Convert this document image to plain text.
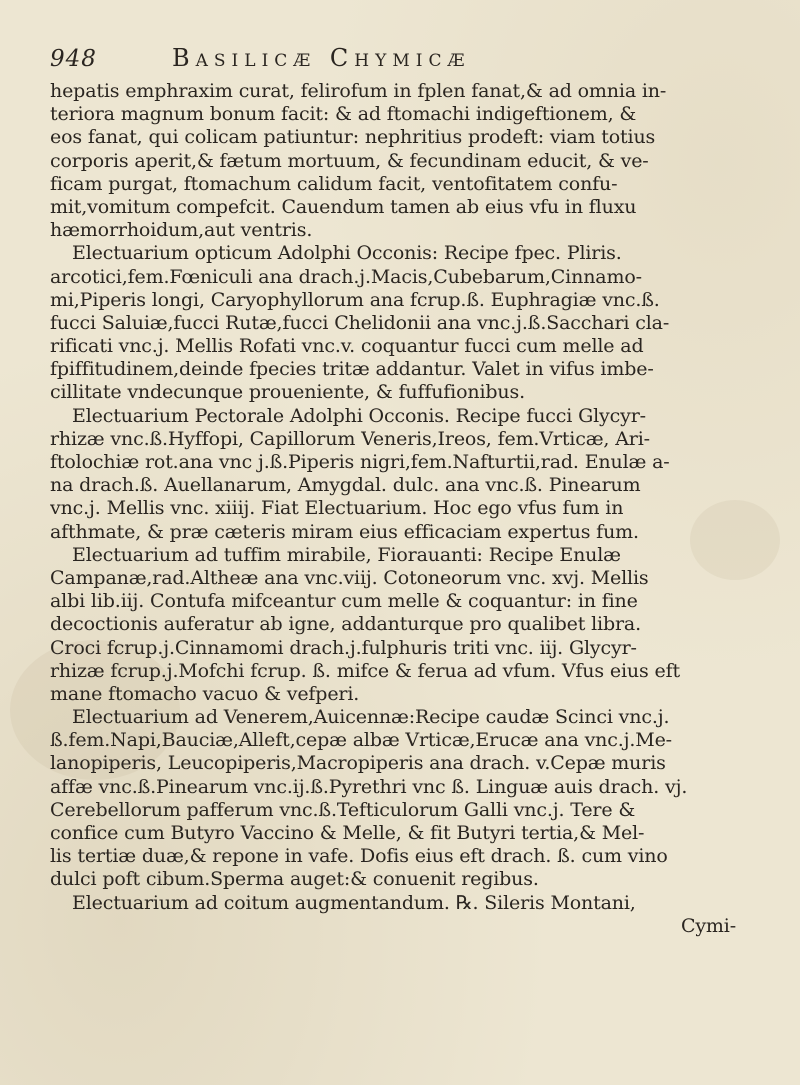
948	Basilicæ Chymicæ
hepatis emphraxim curat, felirofum in fplen fanat,& ad omnia in-
teriora magnum bonum facit: & ad ftomachi indigeftionem, &
eos fanat, qui colicam patiuntur: nephritius prodeft: viam totius
corporis aperit,& fætum mortuum, & fecundinam educit, & ve-
ficam purgat, ftomachum calidum facit, ventofitatem confu-
mit,vomitum compefcit. Cauendum tamen ab eius vfu in fluxu
hæmorrhoidum,aut ventris.
Electuarium opticum Adolphi Occonis: Recipe fpec. Pliris.
arcotici,fem.Fœniculi ana drach.j.Macis,Cubebarum,Cinnamo-
mi,Piperis longi, Caryophyllorum ana fcrup.ß. Euphragiæ vnc.ß.
fucci Saluiæ,fucci Rutæ,fucci Chelidonii ana vnc.j.ß.Sacchari cla-
rificati vnc.j. Mellis Rofati vnc.v. coquantur fucci cum melle ad
fpiffitudinem,deinde fpecies tritæ addantur. Valet in vifus imbe-
cillitate vndecunque proueniente, & fuffufionibus.
Electuarium Pectorale Adolphi Occonis. Recipe fucci Glycyr-
rhizæ vnc.ß.Hyffopi, Capillorum Veneris,Ireos, fem.Vrticæ, Ari-
ftolochiæ rot.ana vnc j.ß.Piperis nigri,fem.Nafturtii,rad. Enulæ a-
na drach.ß. Auellanarum, Amygdal. dulc. ana vnc.ß. Pinearum
vnc.j. Mellis vnc. xiiij. Fiat Electuarium. Hoc ego vfus fum in
afthmate, & præ cæteris miram eius efficaciam expertus fum.
Electuarium ad tuffim mirabile, Fiorauanti: Recipe Enulæ
Campanæ,rad.Altheæ ana vnc.viij. Cotoneorum vnc. xvj. Mellis
albi lib.iij. Contufa mifceantur cum melle & coquantur: in fine
decoctionis auferatur ab igne, addanturque pro qualibet libra.
Croci fcrup.j.Cinnamomi drach.j.fulphuris triti vnc. iij. Glycyr-
rhizæ fcrup.j.Mofchi fcrup. ß. mifce & ferua ad vfum. Vfus eius eft
mane ftomacho vacuo & vefperi.
Electuarium ad Venerem,Auicennæ:Recipe caudæ Scinci vnc.j.
ß.fem.Napi,Bauciæ,Alleft,cepæ albæ Vrticæ,Erucæ ana vnc.j.Me-
lanopiperis, Leucopiperis,Macropiperis ana drach. v.Cepæ muris
affæ vnc.ß.Pinearum vnc.ij.ß.Pyrethri vnc ß. Linguæ auis drach. vj.
Cerebellorum pafferum vnc.ß.Tefticulorum Galli vnc.j. Tere &
confice cum Butyro Vaccino & Melle, & fit Butyri tertia,& Mel-
lis tertiæ duæ,& repone in vafe. Dofis eius eft drach. ß. cum vino
dulci poft cibum.Sperma auget:& conuenit regibus.
Electuarium ad coitum augmentandum. ℞. Sileris Montani,
Cymi-
